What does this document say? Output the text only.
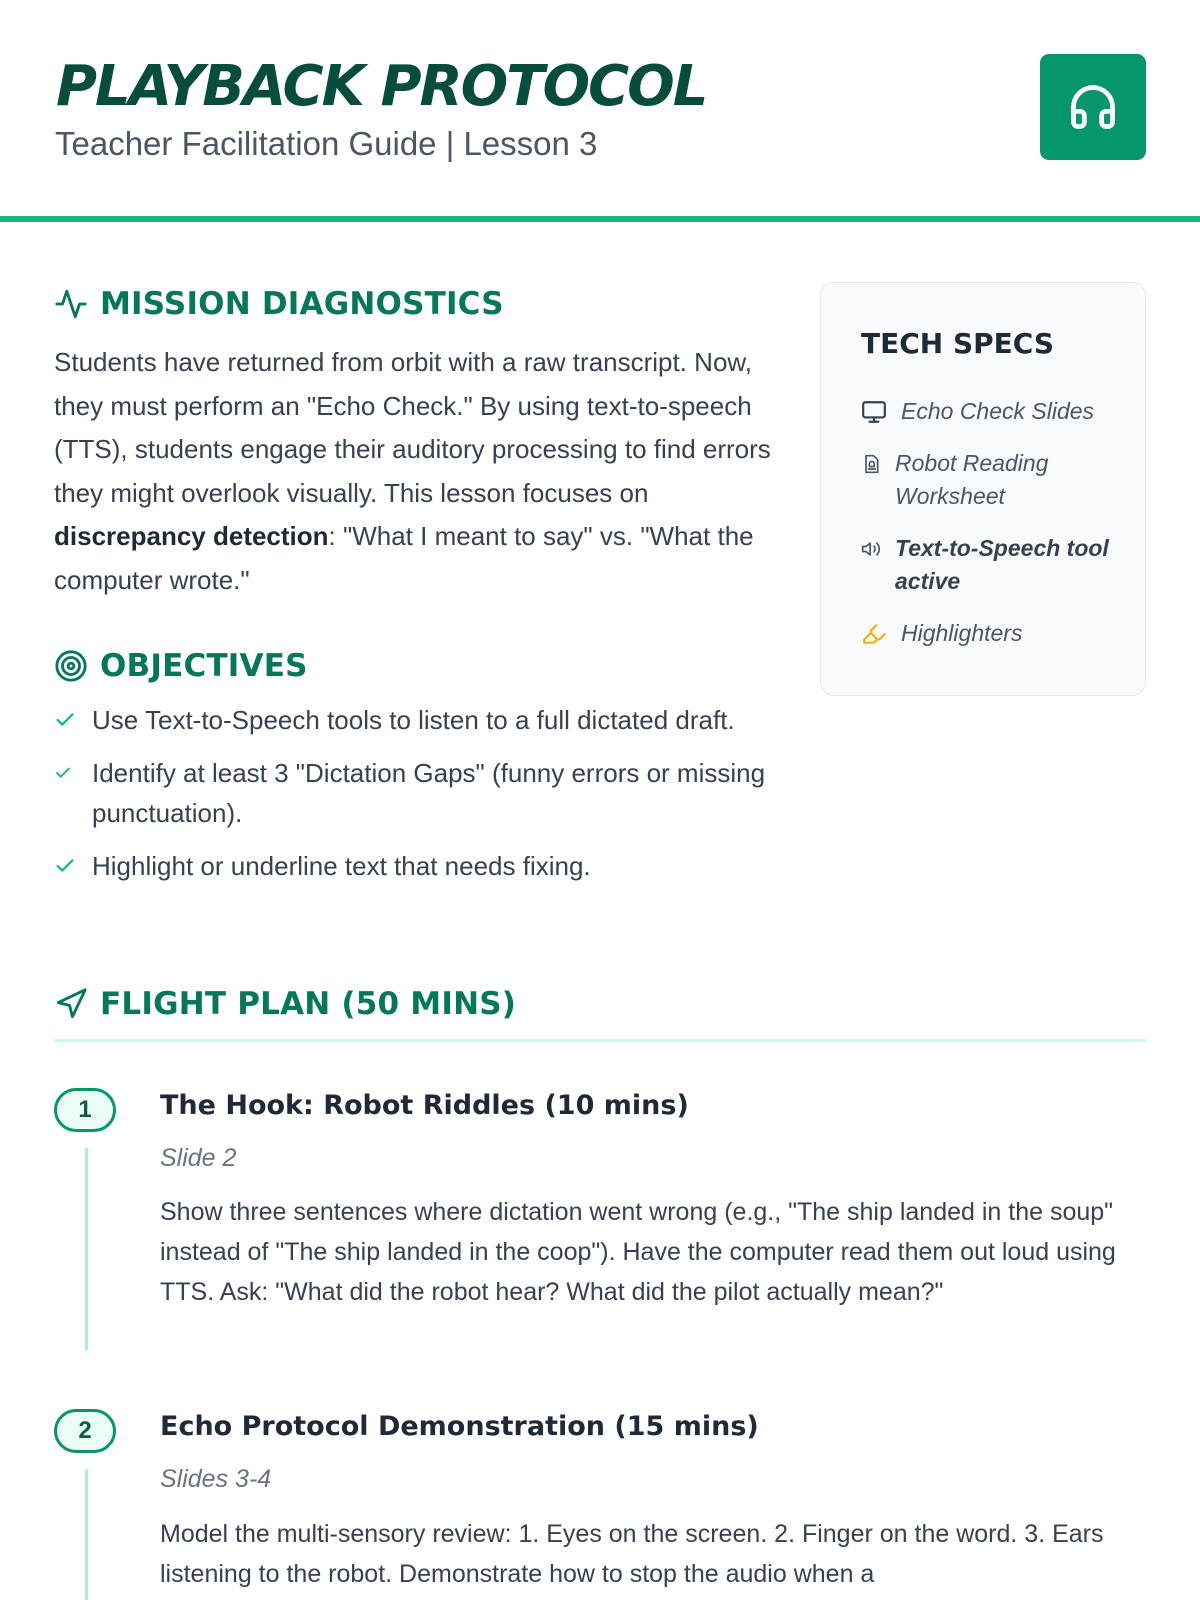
PLAYBACK PROTOCOL
Teacher Facilitation Guide | Lesson 3
MISSION DIAGNOSTICS

Students have returned from orbit with a raw transcript. Now, they must perform an "Echo Check." By using text-to-speech (TTS), students engage their auditory processing to find errors they might overlook visually. This lesson focuses on discrepancy detection: "What I meant to say" vs. "What the computer wrote."

OBJECTIVES
Use Text-to-Speech tools to listen to a full dictated draft.
Identify at least 3 "Dictation Gaps" (funny errors or missing punctuation).
Highlight or underline text that needs fixing.
TECH SPECS
Echo Check Slides
Robot Reading Worksheet
Text-to-Speech tool active
Highlighters
FLIGHT PLAN (50 MINS)
1	The Hook: Robot Riddles (10 mins)
Slide 2

Show three sentences where dictation went wrong (e.g., "The ship landed in the soup" instead of "The ship landed in the coop"). Have the computer read them out loud using TTS. Ask: "What did the robot hear? What did the pilot actually mean?"

2	Echo Protocol Demonstration (15 mins)
Slides 3-4

Model the multi-sensory review: 1. Eyes on the screen. 2. Finger on the word. 3. Ears listening to the robot. Demonstrate how to stop the audio when a
